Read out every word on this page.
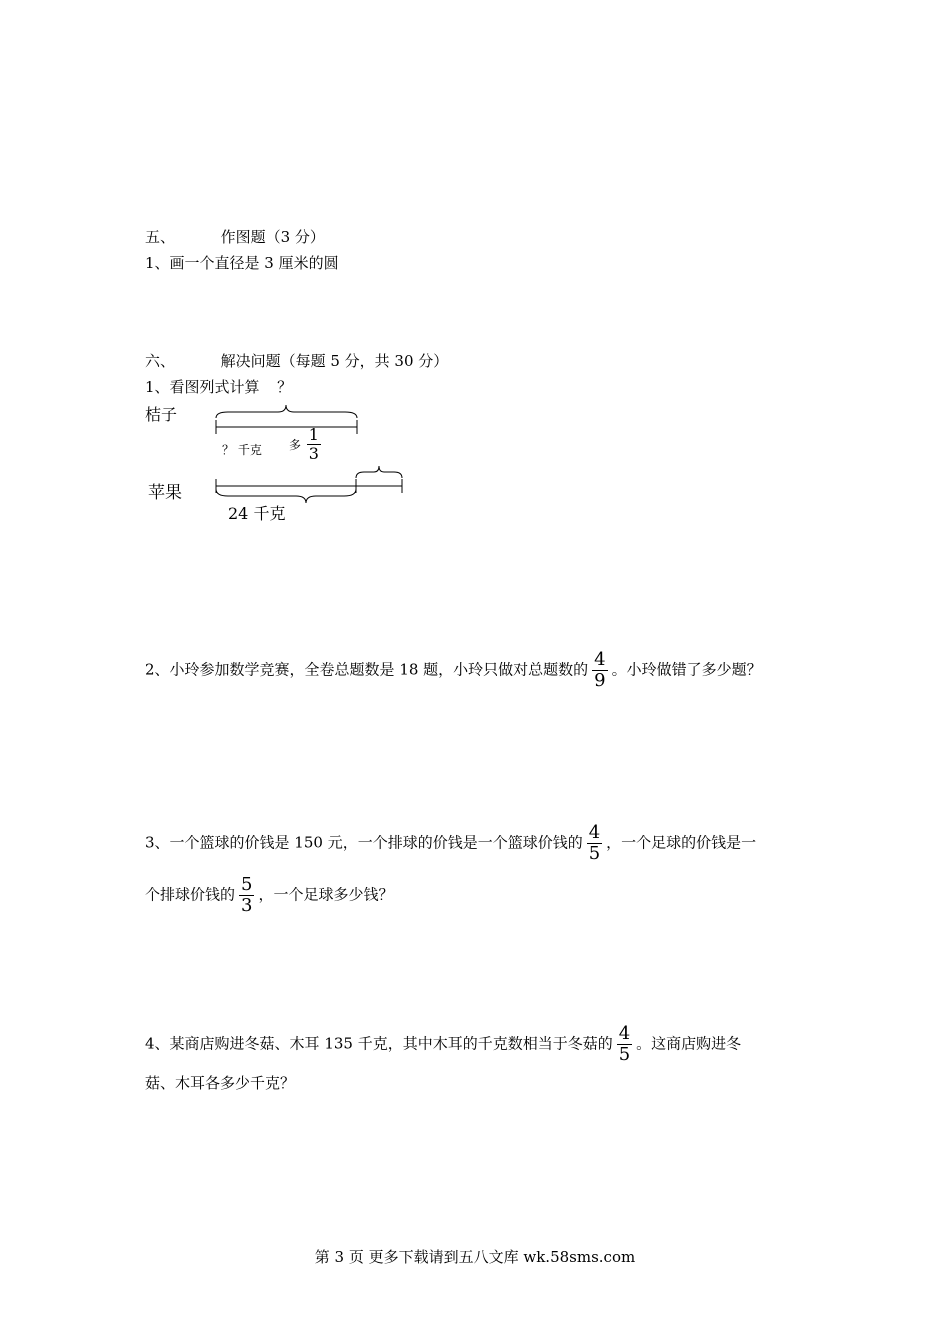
五、	作图题（3 分）
1、画一个直径是 3 厘米的圆
六、	解决问题（每题 5 分，共 30 分）
1、看图列式计算 ？
桔子
苹果
？ 千克 多 $\frac{1}{3}$
24 千克
2、小玲参加数学竞赛，全卷总题数是 18 题，小玲只做对总题数的 $\frac{4}{9}$ 。小玲做错了多少题？
3、一个篮球的价钱是 150 元，一个排球的价钱是一个篮球价钱的 $\frac{4}{5}$ ，一个足球的价钱是一
个排球价钱的 $\frac{5}{3}$ ，一个足球多少钱？
4、某商店购进冬菇、木耳 135 千克，其中木耳的千克数相当于冬菇的 $\frac{4}{5}$ 。这商店购进冬
菇、木耳各多少千克？
第 3 页 更多下载请到五八文库 wk.58sms.com
